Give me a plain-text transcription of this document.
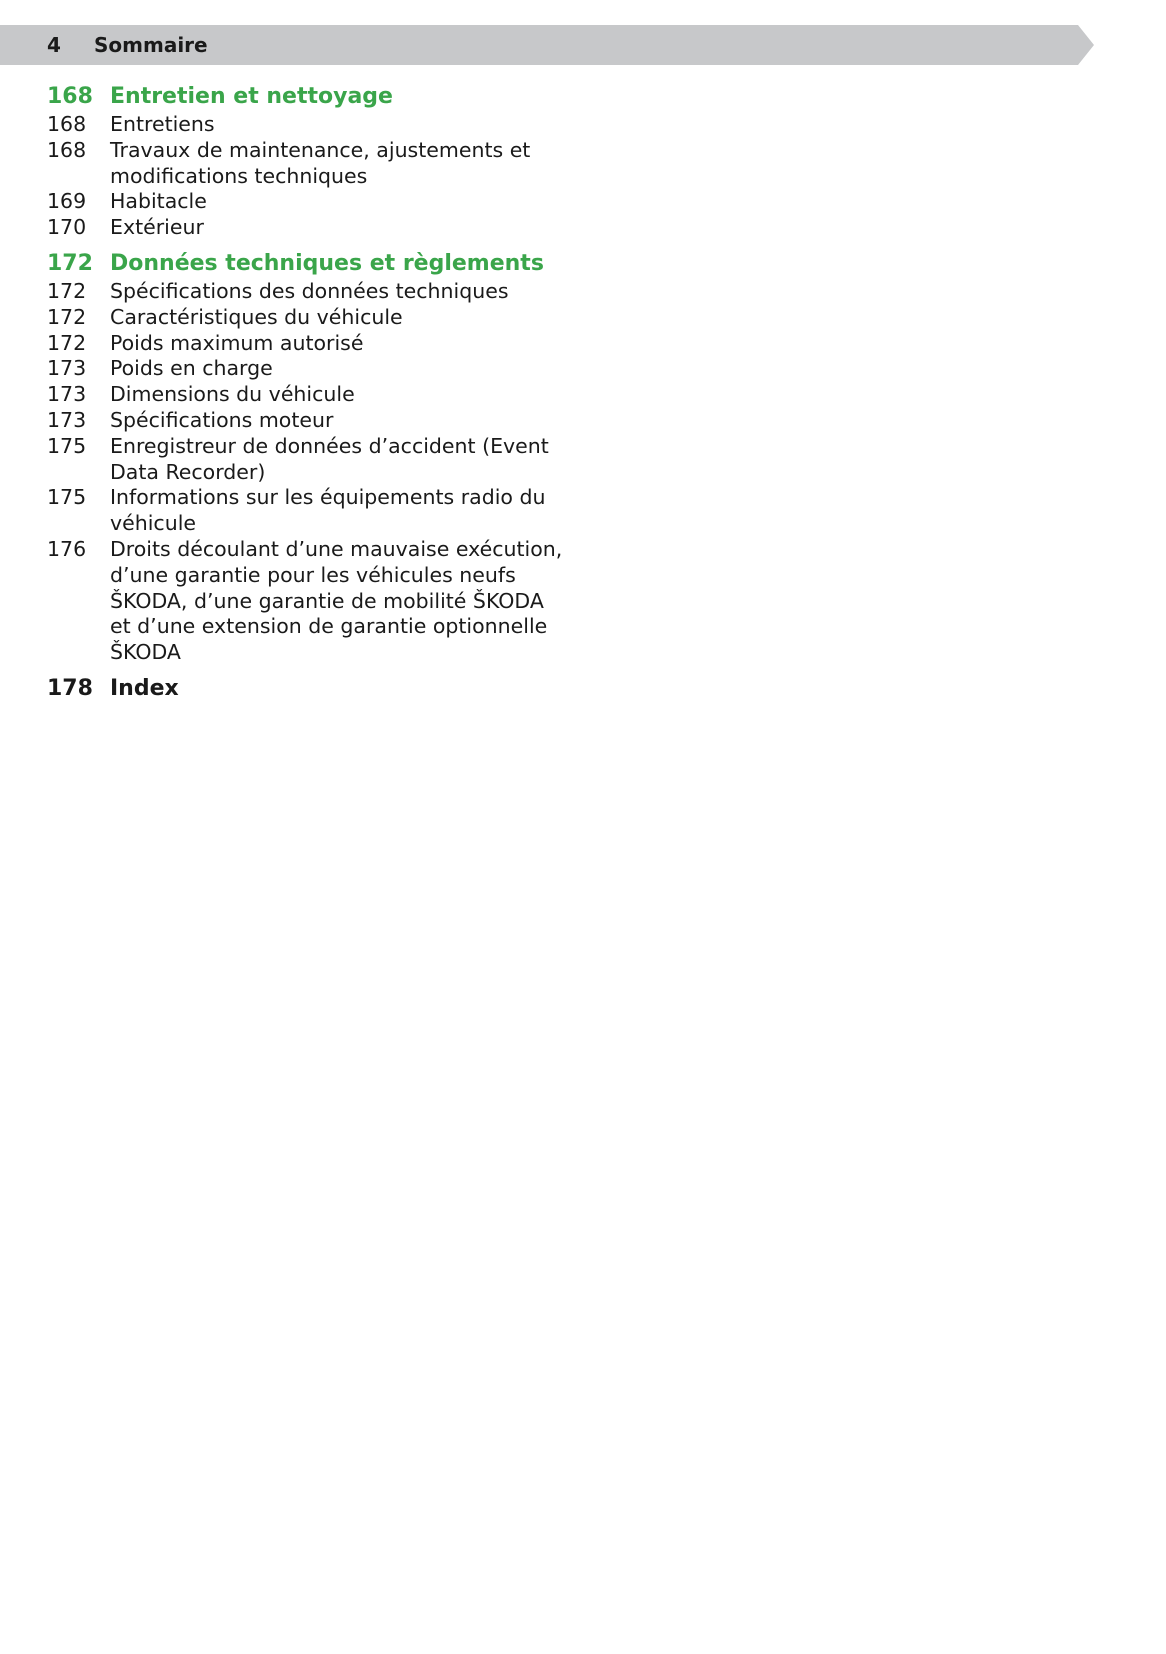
4 Sommaire
168 Entretien et nettoyage
168	Entretiens
168	Travaux de maintenance, ajustements et modifications techniques
169	Habitacle
170	Extérieur
172 Données techniques et règlements
172	Spécifications des données techniques
172	Caractéristiques du véhicule
172	Poids maximum autorisé
173	Poids en charge
173	Dimensions du véhicule
173	Spécifications moteur
175	Enregistreur de données d’accident (Event Data Recorder)
175	Informations sur les équipements radio du véhicule
176	Droits découlant d’une mauvaise exécution, d’une garantie pour les véhicules neufs ŠKODA, d’une garantie de mobilité ŠKODA et d’une extension de garantie optionnelle ŠKODA
178 Index
